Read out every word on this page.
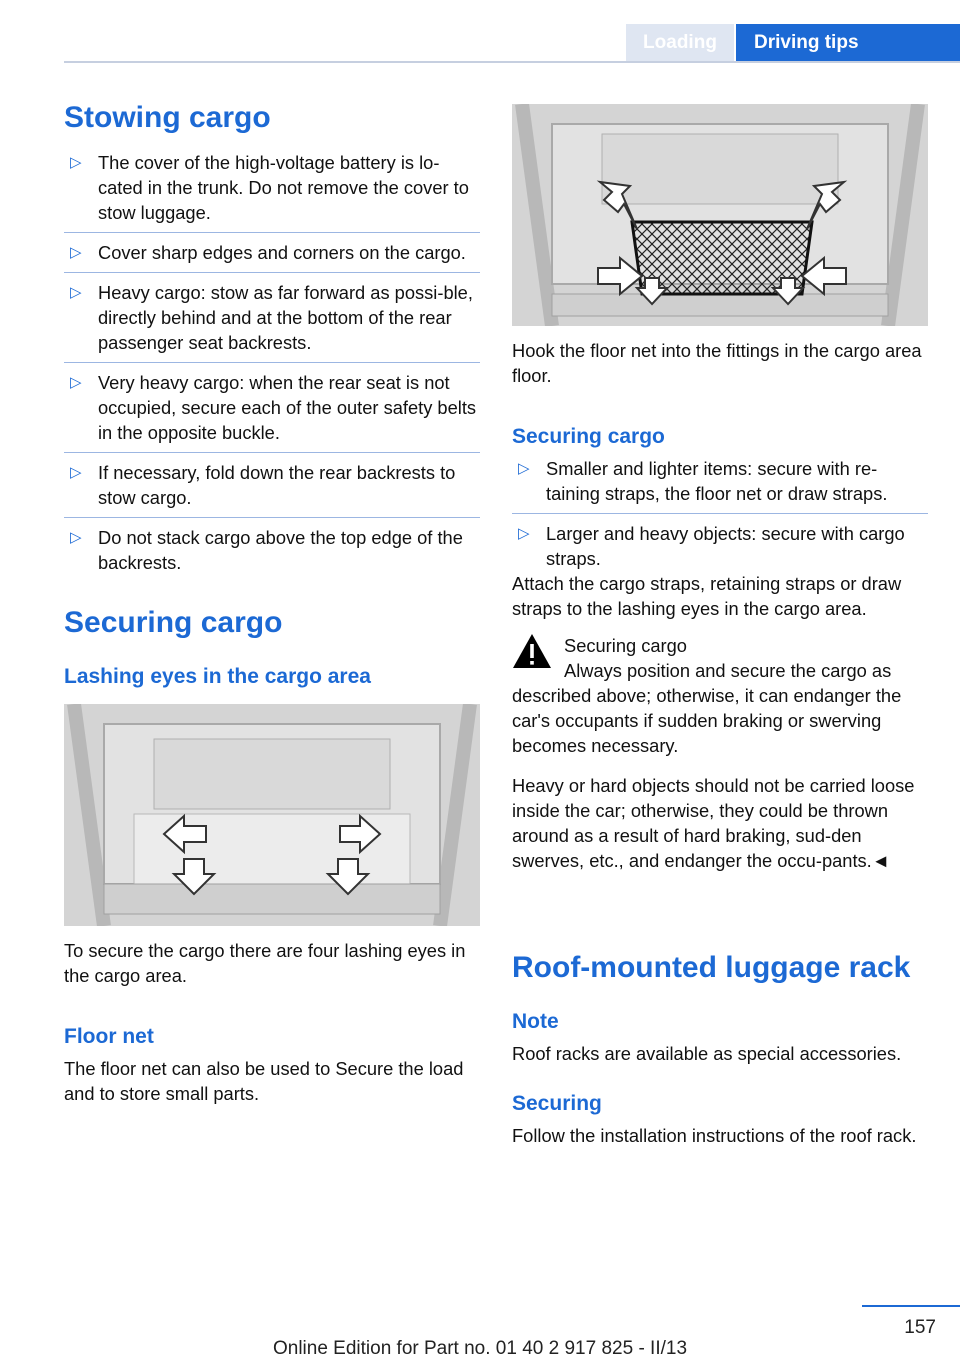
Loading	Driving tips
Stowing cargo
▷ The cover of the high-voltage battery is lo-cated in the trunk. Do not remove the cover to stow luggage.
▷ Cover sharp edges and corners on the cargo.
▷ Heavy cargo: stow as far forward as possi-ble, directly behind and at the bottom of the rear passenger seat backrests.
▷ Very heavy cargo: when the rear seat is not occupied, secure each of the outer safety belts in the opposite buckle.
▷ If necessary, fold down the rear backrests to stow cargo.
▷ Do not stack cargo above the top edge of the backrests.
Securing cargo
Lashing eyes in the cargo area

To secure the cargo there are four lashing eyes in the cargo area.

Floor net

The floor net can also be used to Secure the load and to store small parts.

Hook the floor net into the fittings in the cargo area floor.

Securing cargo
▷ Smaller and lighter items: secure with re-taining straps, the floor net or draw straps.
▷ Larger and heavy objects: secure with cargo straps.

Attach the cargo straps, retaining straps or draw straps to the lashing eyes in the cargo area.

Securing cargo
Always position and secure the cargo as described above; otherwise, it can endanger the car's occupants if sudden braking or swerving becomes necessary.

Heavy or hard objects should not be carried loose inside the car; otherwise, they could be thrown around as a result of hard braking, sud-den swerves, etc., and endanger the occu-pants.◄

Roof-mounted luggage rack
Note

Roof racks are available as special accessories.

Securing

Follow the installation instructions of the roof rack.

157
Online Edition for Part no. 01 40 2 917 825 - II/13
